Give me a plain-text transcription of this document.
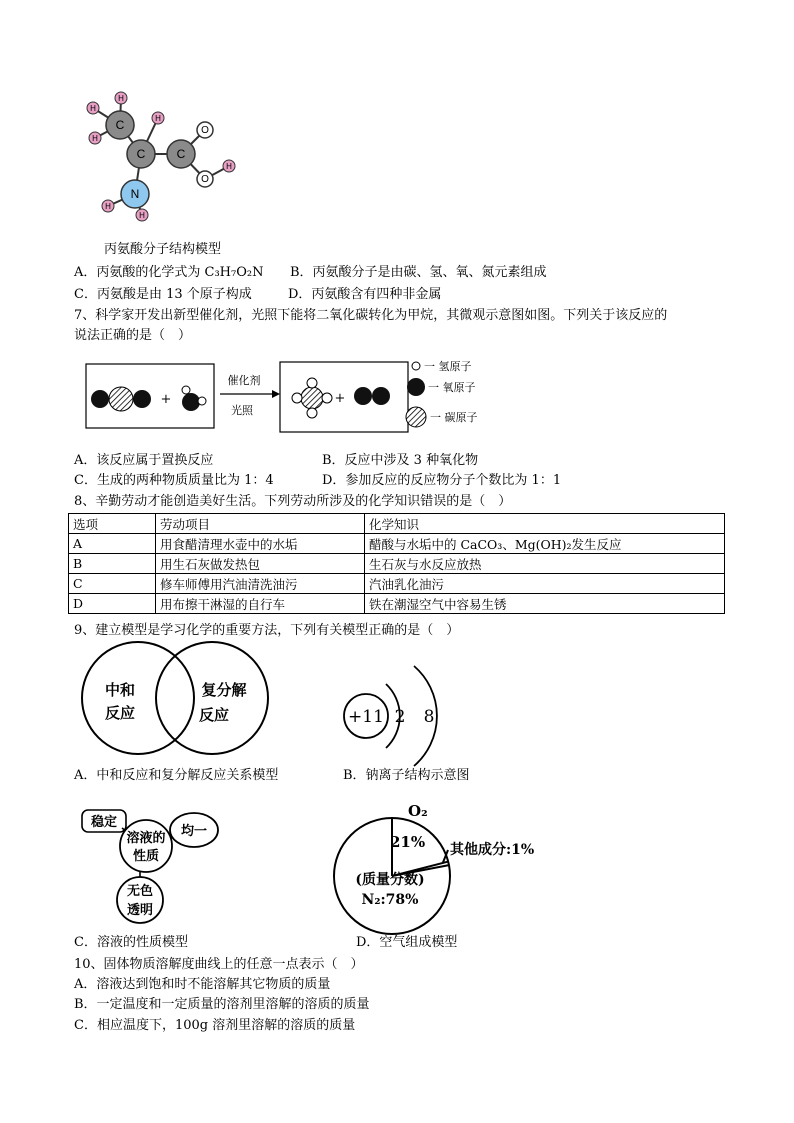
C
C	C
N
H
H
H
H
H
H
H
O
O
丙氨酸分子结构模型
A．丙氨酸的化学式为 C₃H₇O₂N B．丙氨酸分子是由碳、氢、氧、氮元素组成
C．丙氨酸是由 13 个原子构成	D．丙氨酸含有四种非金属
7、科学家开发出新型催化剂，光照下能将二氧化碳转化为甲烷，其微观示意图如图。下列关于该反应的
说法正确的是（　）
+
催化剂
光照
+
一 氢原子
一 氧原子
一 碳原子
A．该反应属于置换反应	B．反应中涉及 3 种氧化物
C．生成的两种物质质量比为 1：4	D．参加反应的反应物分子个数比为 1：1
8、辛勤劳动才能创造美好生活。下列劳动所涉及的化学知识错误的是（　）
选项	劳动项目	化学知识
A	用食醋清理水壶中的水垢	醋酸与水垢中的 CaCO₃、Mg(OH)₂发生反应
B	用生石灰做发热包	生石灰与水反应放热
C	修车师傅用汽油清洗油污	汽油乳化油污
D	用布擦干淋湿的自行车	铁在潮湿空气中容易生锈
9、建立模型是学习化学的重要方法，下列有关模型正确的是（　）
中和
反应
复分解
反应	+11 2 8
A．中和反应和复分解反应关系模型	B．钠离子结构示意图
稳定
溶液的
性质
均一
无色
透明
O₂
21% 其他成分:1%
(质量分数)
N₂:78%
C．溶液的性质模型	D．空气组成模型
10、固体物质溶解度曲线上的任意一点表示（　）
A．溶液达到饱和时不能溶解其它物质的质量
B．一定温度和一定质量的溶剂里溶解的溶质的质量
C．相应温度下，100g 溶剂里溶解的溶质的质量
